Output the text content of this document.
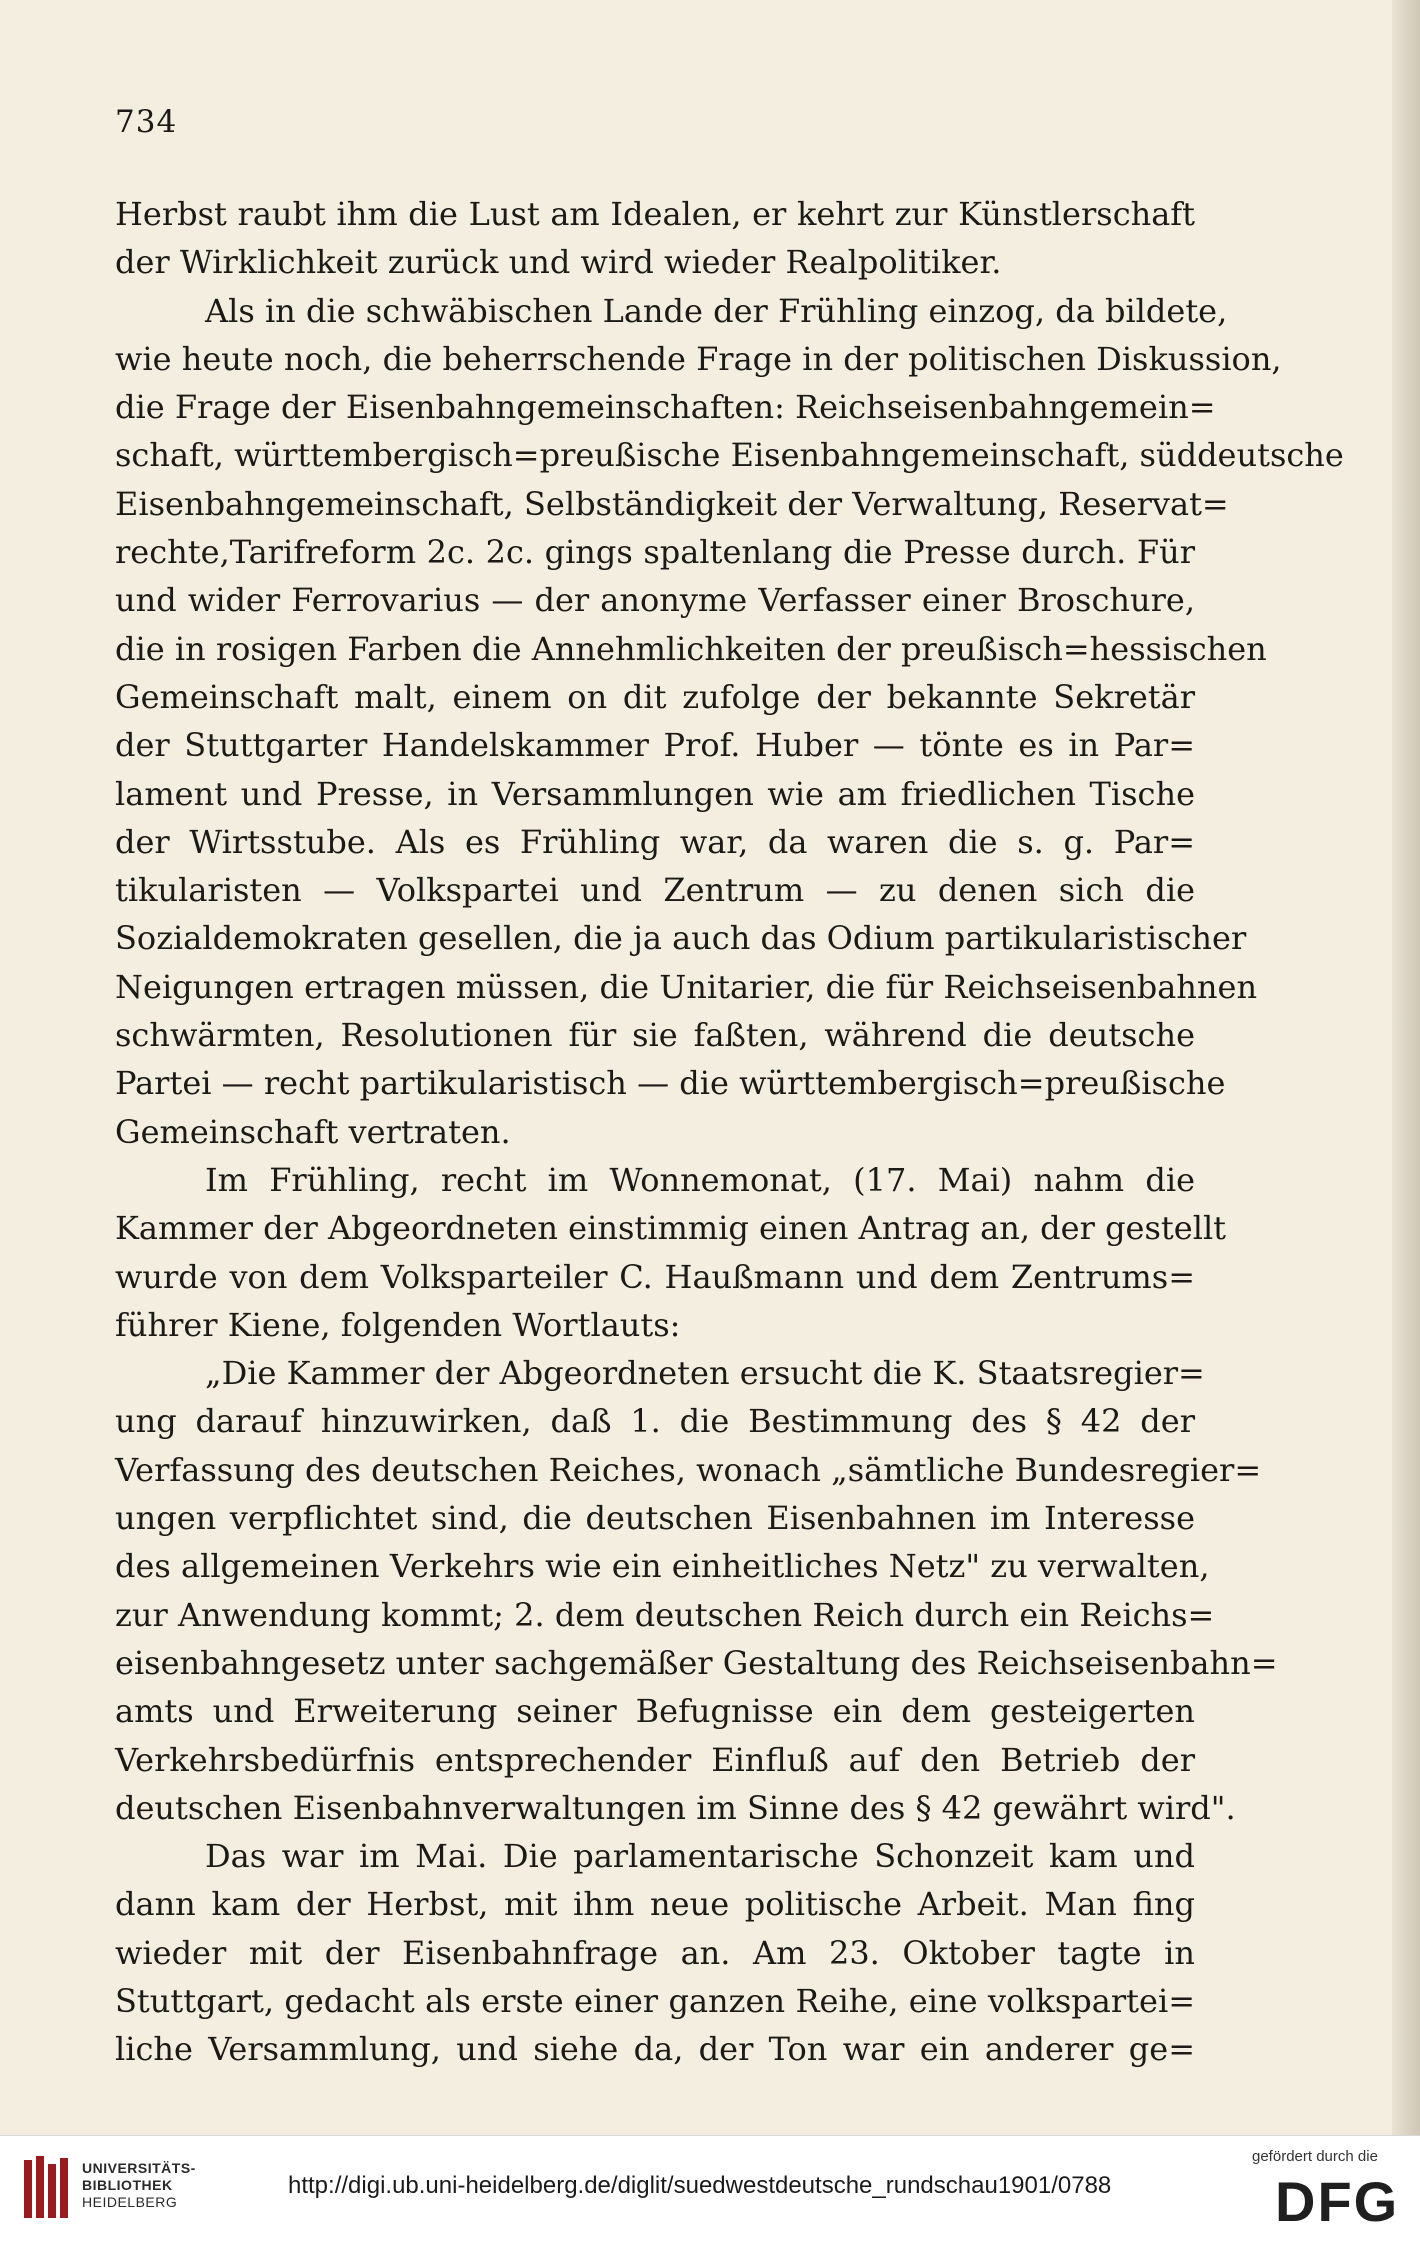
734
Herbst raubt ihm die Lust am Idealen, er kehrt zur Künstlerschaft
der Wirklichkeit zurück und wird wieder Realpolitiker.
Als in die schwäbischen Lande der Frühling einzog, da bildete,
wie heute noch, die beherrschende Frage in der politischen Diskussion,
die Frage der Eisenbahngemeinschaften: Reichseisenbahngemein=
schaft, württembergisch=preußische Eisenbahngemeinschaft, süddeutsche
Eisenbahngemeinschaft, Selbständigkeit der Verwaltung, Reservat=
rechte,Tarifreform 2c. 2c. gings spaltenlang die Presse durch. Für
und wider Ferrovarius — der anonyme Verfasser einer Broschure,
die in rosigen Farben die Annehmlichkeiten der preußisch=hessischen
Gemeinschaft malt, einem on dit zufolge der bekannte Sekretär
der Stuttgarter Handelskammer Prof. Huber — tönte es in Par=
lament und Presse, in Versammlungen wie am friedlichen Tische
der Wirtsstube. Als es Frühling war, da waren die s. g. Par=
tikularisten — Volkspartei und Zentrum — zu denen sich die
Sozialdemokraten gesellen, die ja auch das Odium partikularistischer
Neigungen ertragen müssen, die Unitarier, die für Reichseisenbahnen
schwärmten, Resolutionen für sie faßten, während die deutsche
Partei — recht partikularistisch — die württembergisch=preußische
Gemeinschaft vertraten.
Im Frühling, recht im Wonnemonat, (17. Mai) nahm die
Kammer der Abgeordneten einstimmig einen Antrag an, der gestellt
wurde von dem Volksparteiler C. Haußmann und dem Zentrums=
führer Kiene, folgenden Wortlauts:
„Die Kammer der Abgeordneten ersucht die K. Staatsregier=
ung darauf hinzuwirken, daß 1. die Bestimmung des § 42 der
Verfassung des deutschen Reiches, wonach „sämtliche Bundesregier=
ungen verpflichtet sind, die deutschen Eisenbahnen im Interesse
des allgemeinen Verkehrs wie ein einheitliches Netz" zu verwalten,
zur Anwendung kommt; 2. dem deutschen Reich durch ein Reichs=
eisenbahngesetz unter sachgemäßer Gestaltung des Reichseisenbahn=
amts und Erweiterung seiner Befugnisse ein dem gesteigerten
Verkehrsbedürfnis entsprechender Einfluß auf den Betrieb der
deutschen Eisenbahnverwaltungen im Sinne des § 42 gewährt wird".
Das war im Mai. Die parlamentarische Schonzeit kam und
dann kam der Herbst, mit ihm neue politische Arbeit. Man fing
wieder mit der Eisenbahnfrage an. Am 23. Oktober tagte in
Stuttgart, gedacht als erste einer ganzen Reihe, eine volkspartei=
liche Versammlung, und siehe da, der Ton war ein anderer ge=
UNIVERSITÄTS-
BIBLIOTHEK
HEIDELBERG
http://digi.ub.uni-heidelberg.de/diglit/suedwestdeutsche_rundschau1901/0788
gefördert durch die
DFG
